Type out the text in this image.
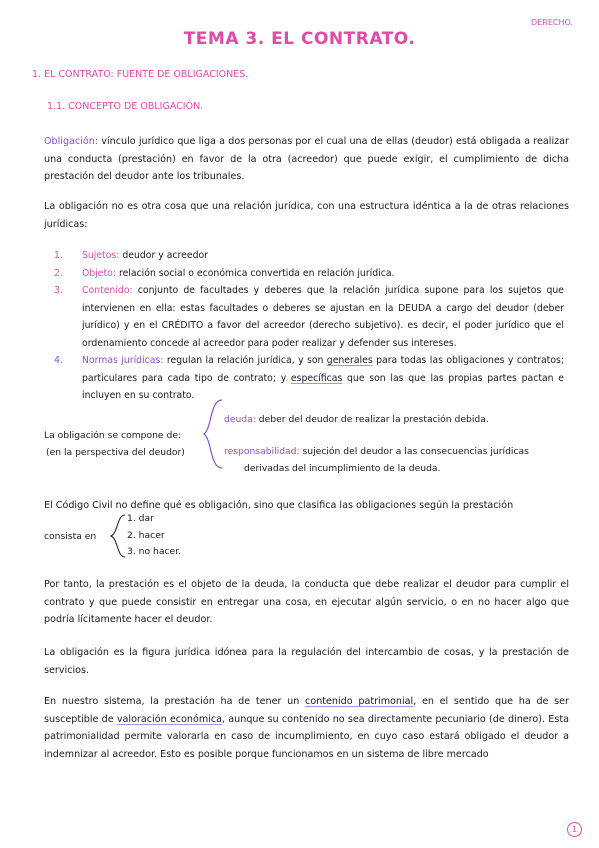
DERECHO.
TEMA 3. EL CONTRATO.
1. EL CONTRATO: FUENTE DE OBLIGACIONES.
1.1. CONCEPTO DE OBLIGACIÓN.
Obligación: vínculo jurídico que liga a dos personas por el cual una de ellas (deudor) está obligada a realizar una conducta (prestación) en favor de la otra (acreedor) que puede exigir, el cumplimiento de dicha prestación del deudor ante los tribunales.
La obligación no es otra cosa que una relación jurídica, con una estructura idéntica a la de otras relaciones jurídicas:
1. Sujetos: deudor y acreedor
2. Objeto: relación social o económica convertida en relación jurídica.
3. Contenido: conjunto de facultades y deberes que la relación jurídica supone para los sujetos que intervienen en ella: estas facultades o deberes se ajustan en la DEUDA a cargo del deudor (deber jurídico) y en el CRÉDITO a favor del acreedor (derecho subjetivo). es decir, el poder jurídico que el ordenamiento concede al acreedor para poder realizar y defender sus intereses.
4. Normas jurídicas: regulan la relación jurídica, y son generales para todas las obligaciones y contratos; particulares para cada tipo de contrato; y específicas que son las que las propias partes pactan e incluyen en su contrato.
La obligación se compone de:
(en la perspectiva del deudor)
deuda: deber del deudor de realizar la prestación debida.
responsabilidad: sujeción del deudor a las consecuencias jurídicas
derivadas del incumplimiento de la deuda.
El Código Civil no define qué es obligación, sino que clasifica las obligaciones según la prestación
consista en
1. dar
2. hacer
3. no hacer.
Por tanto, la prestación es el objeto de la deuda, la conducta que debe realizar el deudor para cumplir el contrato y que puede consistir en entregar una cosa, en ejecutar algún servicio, o en no hacer algo que podría lícitamente hacer el deudor.
La obligación es la figura jurídica idónea para la regulación del intercambio de cosas, y la prestación de servicios.
En nuestro sistema, la prestación ha de tener un contenido patrimonial, en el sentido que ha de ser susceptible de valoración económica, aunque su contenido no sea directamente pecuniario (de dinero). Esta patrimonialidad permite valorarla en caso de incumplimiento, en cuyo caso estará obligado el deudor a indemnizar al acreedor. Esto es posible porque funcionamos en un sistema de libre mercado
1
